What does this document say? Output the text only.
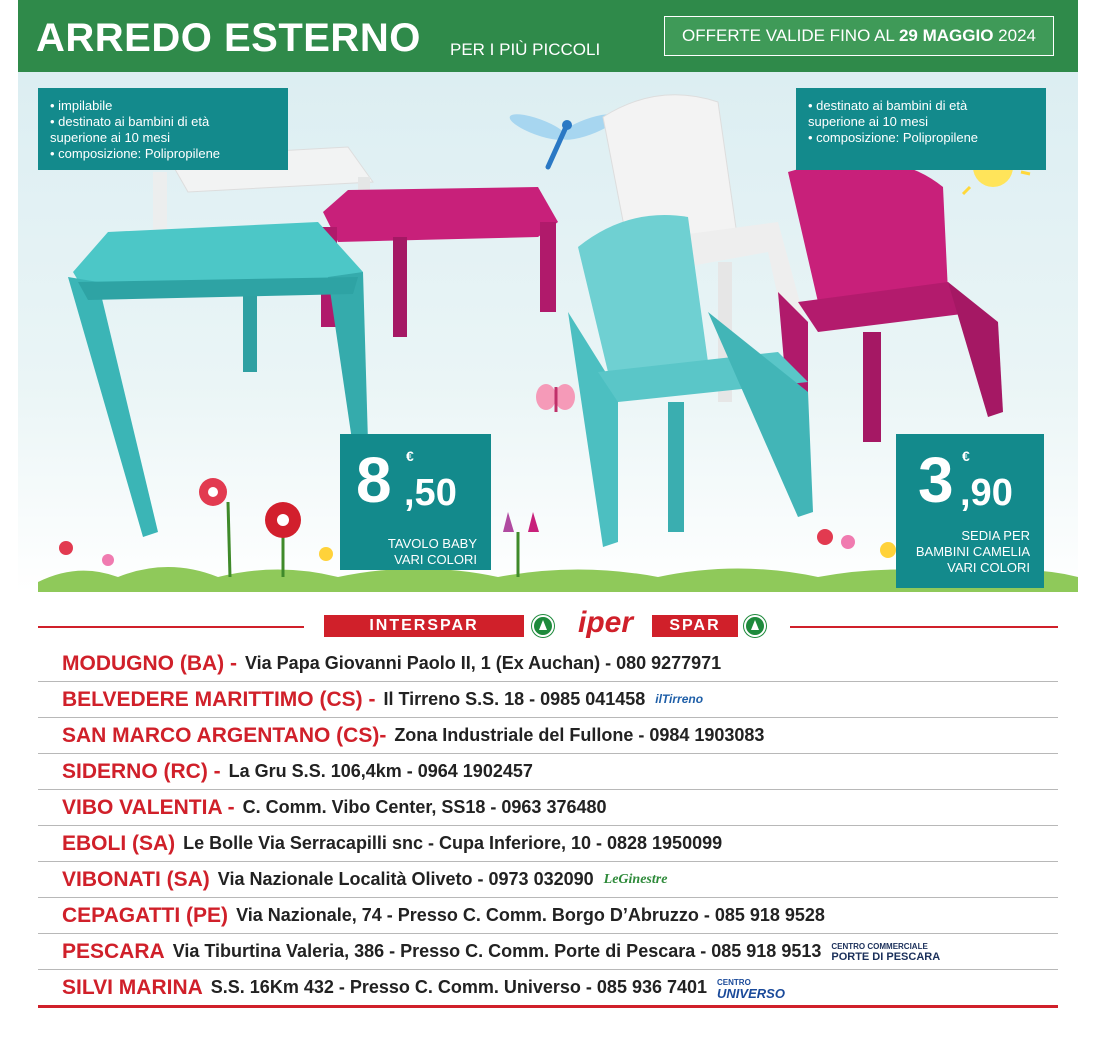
ARREDO ESTERNO PER I PIÙ PICCOLI
OFFERTE VALIDE FINO AL 29 MAGGIO 2024
• impilabile
• destinato ai bambini di età
superione ai 10 mesi
• composizione: Polipropilene
• destinato ai bambini di età
superione ai 10 mesi
• composizione: Polipropilene
8 €
,50
TAVOLO BABY
VARI COLORI
3 €
,90
SEDIA PER
BAMBINI CAMELIA
VARI COLORI
INTERSPAR	iper	SPAR
MODUGNO (BA) - Via Papa Giovanni Paolo II, 1 (Ex Auchan) - 080 9277971
BELVEDERE MARITTIMO (CS) - Il Tirreno S.S. 18 - 0985 041458 ilTirreno
SAN MARCO ARGENTANO (CS)- Zona Industriale del Fullone - 0984 1903083
SIDERNO (RC) - La Gru S.S. 106,4km - 0964 1902457
VIBO VALENTIA - C. Comm. Vibo Center, SS18 - 0963 376480
EBOLI (SA) Le Bolle Via Serracapilli snc - Cupa Inferiore, 10 - 0828 1950099
VIBONATI (SA) Via Nazionale Località Oliveto - 0973 032090 LeGinestre
CEPAGATTI (PE) Via Nazionale, 74 - Presso C. Comm. Borgo D’Abruzzo - 085 918 9528
PESCARA Via Tiburtina Valeria, 386 - Presso C. Comm. Porte di Pescara - 085 918 9513 CENTRO COMMERCIALE
PORTE DI PESCARA
SILVI MARINA S.S. 16Km 432 - Presso C. Comm. Universo - 085 936 7401 CENTRO
UNIVERSO
